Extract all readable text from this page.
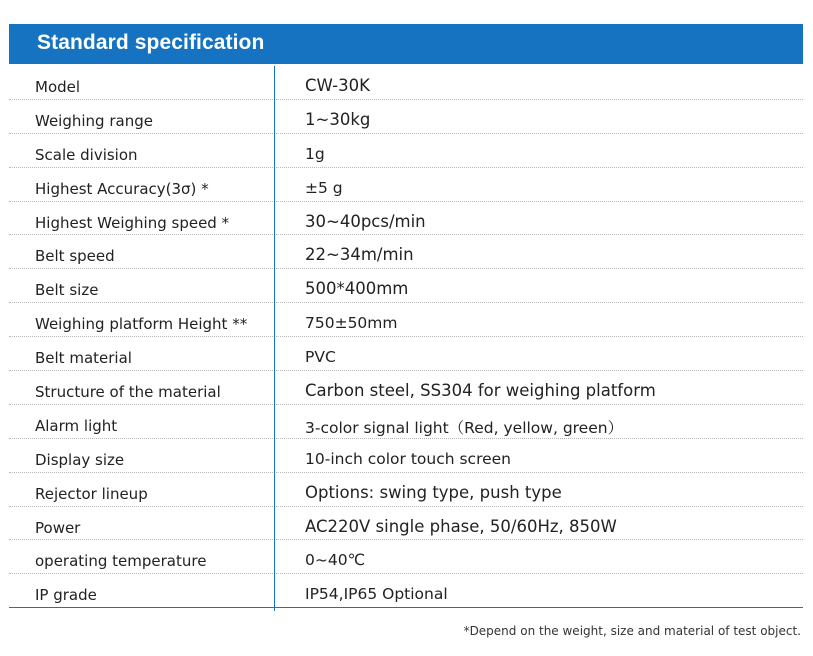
Standard specification
Model	CW-30K
Weighing range	1~30kg
Scale division	1g
Highest Accuracy(3σ) *	±5 g
Highest Weighing speed *	30~40pcs/min
Belt speed	22~34m/min
Belt size	500*400mm
Weighing platform Height **	750±50mm
Belt material	PVC
Structure of the material	Carbon steel, SS304 for weighing platform
Alarm light	3-color signal light（Red, yellow, green）
Display size	10-inch color touch screen
Rejector lineup	Options: swing type, push type
Power	AC220V single phase, 50/60Hz, 850W
operating temperature	0~40℃
IP grade	IP54,IP65 Optional
*Depend on the weight, size and material of test object.
